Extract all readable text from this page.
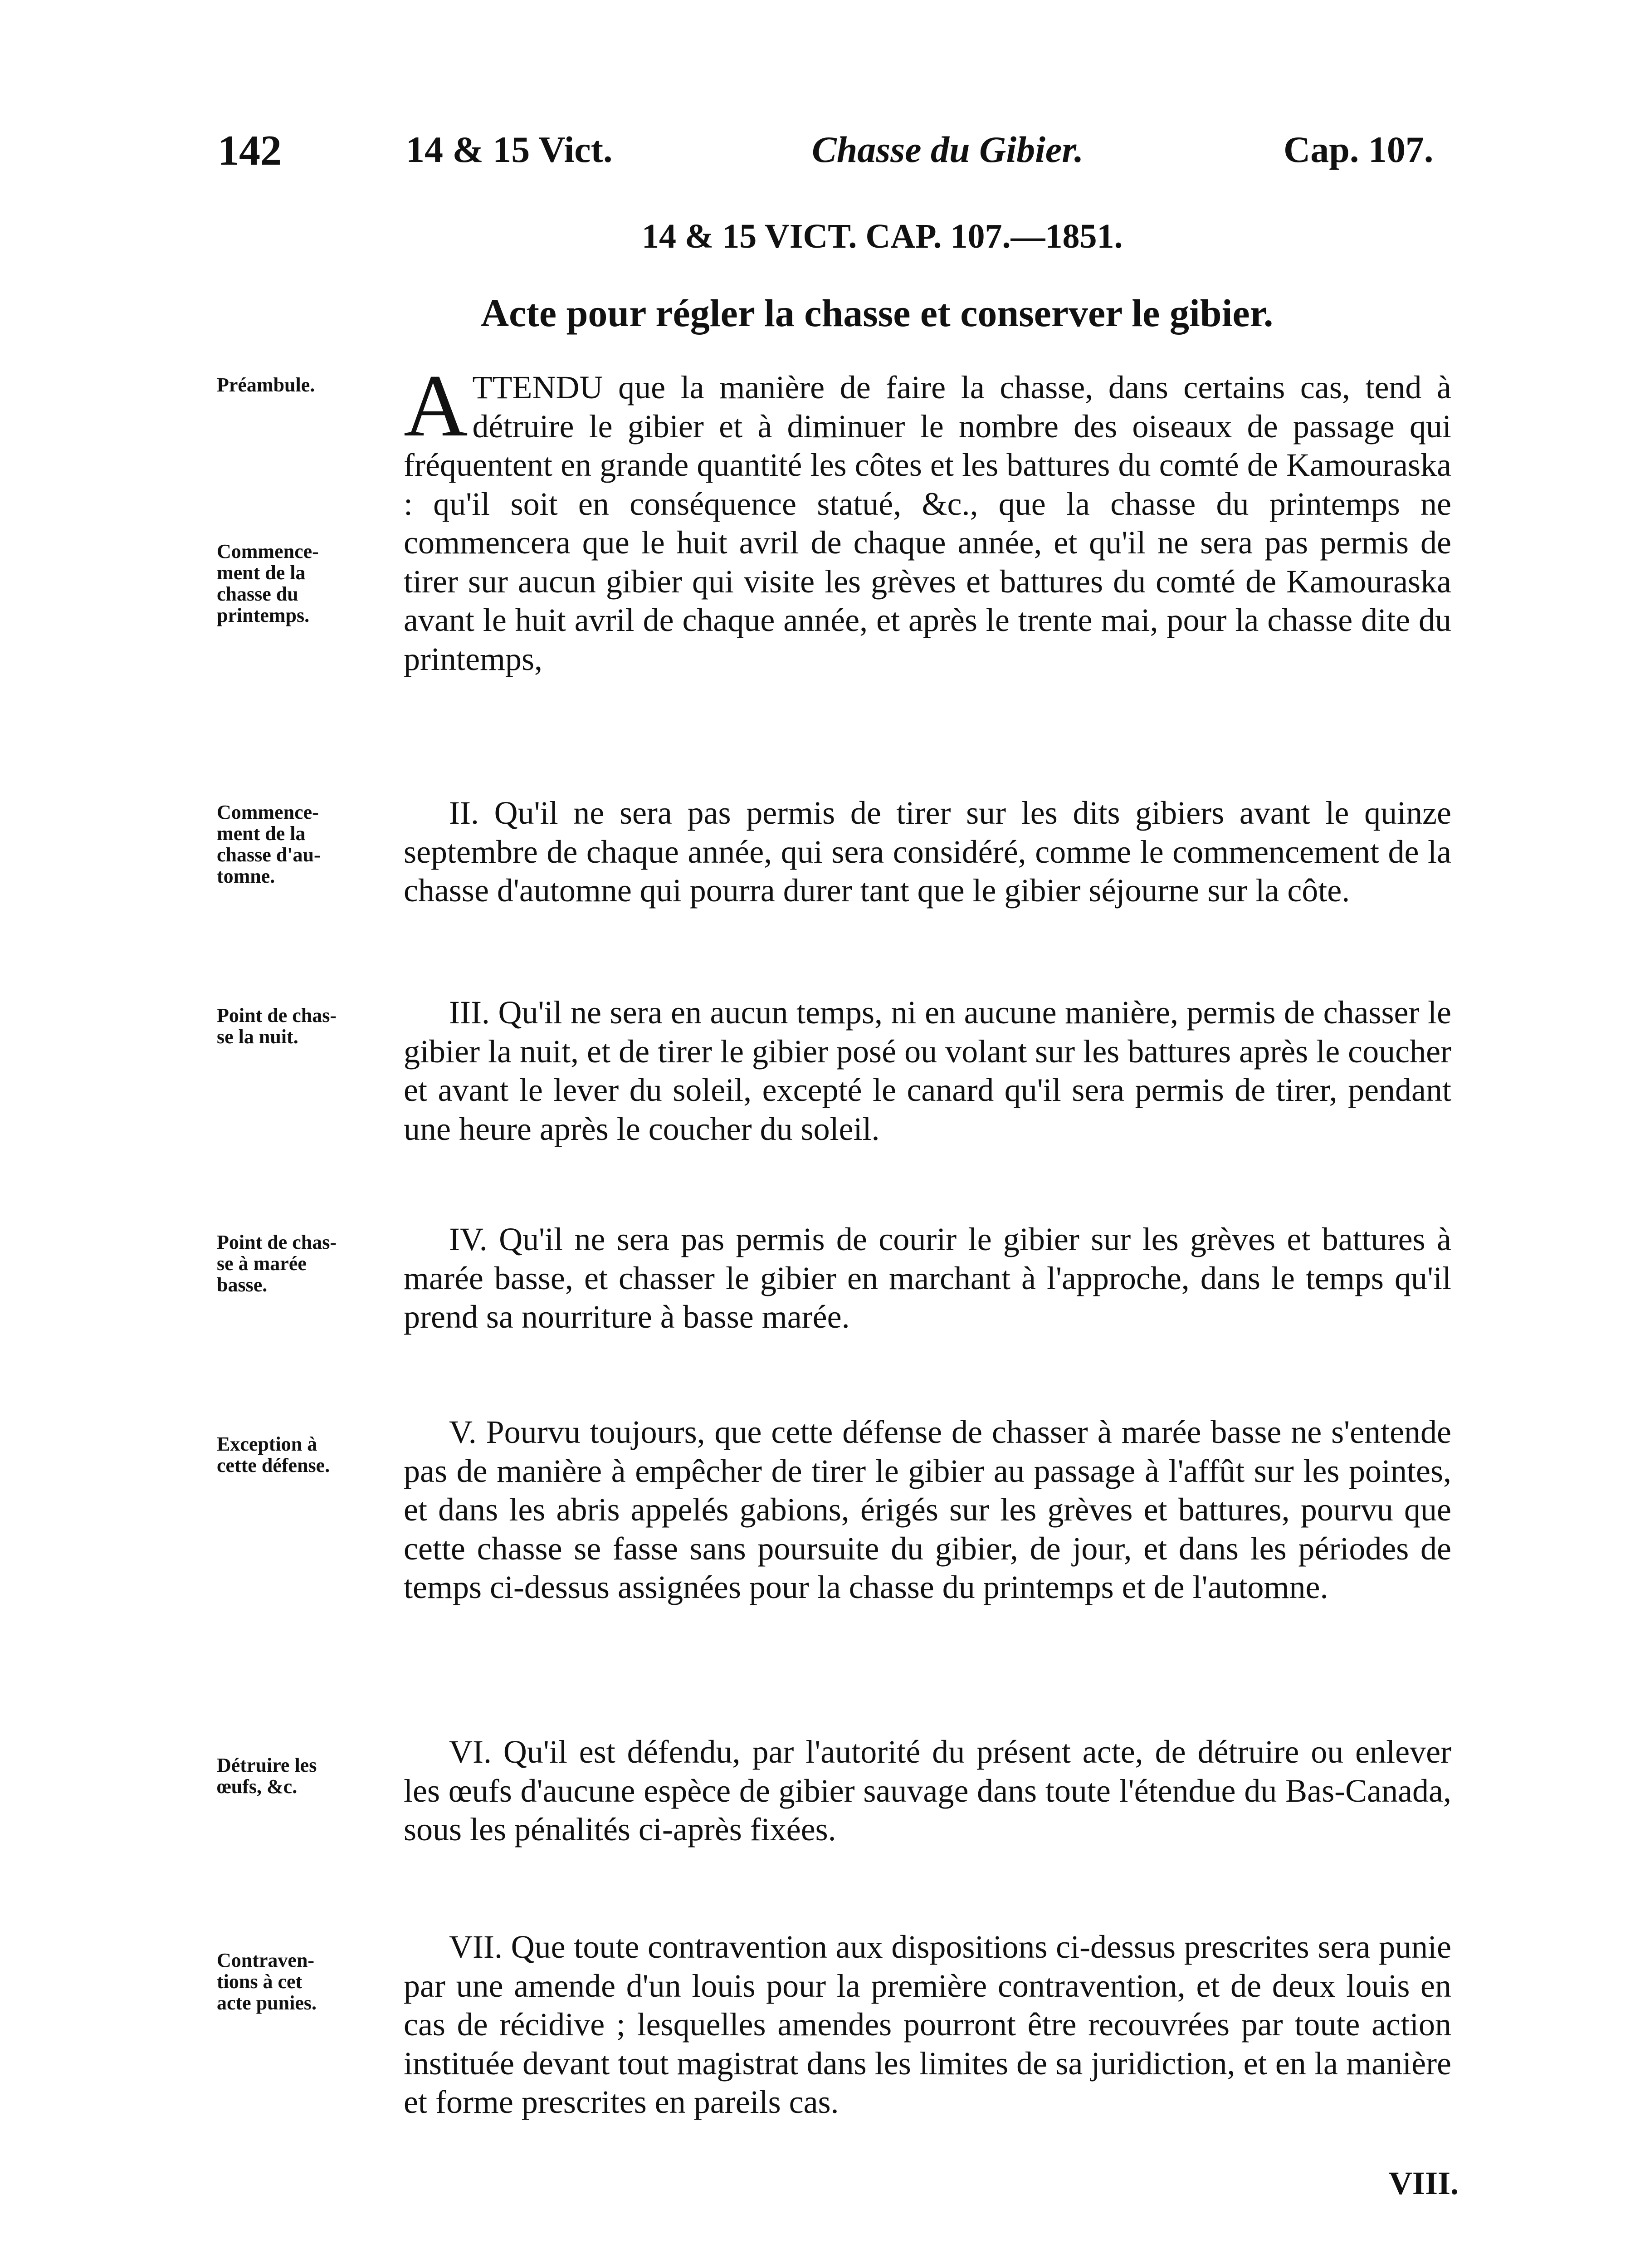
142	14 & 15 Vict.	Chasse du Gibier.	Cap. 107.
14 & 15 VICT. CAP. 107.—1851.
Acte pour régler la chasse et conserver le gibier.
Préambule.
Commence-
ment de la
chasse du
printemps.
Commence-
ment de la
chasse d'au-
tomne.
Point de chas-
se la nuit.
Point de chas-
se à marée
basse.
Exception à
cette défense.
Détruire les
œufs, &c.
Contraven-
tions à cet
acte punies.
ATTENDU que la manière de faire la chasse, dans certains cas, tend à détruire le gibier et à diminuer le nombre des oiseaux de passage qui fréquentent en grande quantité les côtes et les battures du comté de Kamouraska : qu'il soit en conséquence statué, &c., que la chasse du printemps ne commencera que le huit avril de chaque année, et qu'il ne sera pas permis de tirer sur aucun gibier qui visite les grèves et battures du comté de Kamouraska avant le huit avril de chaque année, et après le trente mai, pour la chasse dite du printemps,
II. Qu'il ne sera pas permis de tirer sur les dits gibiers avant le quinze septembre de chaque année, qui sera considéré, comme le commencement de la chasse d'automne qui pourra durer tant que le gibier séjourne sur la côte.
III. Qu'il ne sera en aucun temps, ni en aucune manière, permis de chasser le gibier la nuit, et de tirer le gibier posé ou volant sur les battures après le coucher et avant le lever du soleil, excepté le canard qu'il sera permis de tirer, pendant une heure après le coucher du soleil.
IV. Qu'il ne sera pas permis de courir le gibier sur les grèves et battures à marée basse, et chasser le gibier en marchant à l'approche, dans le temps qu'il prend sa nourriture à basse marée.
V. Pourvu toujours, que cette défense de chasser à marée basse ne s'entende pas de manière à empêcher de tirer le gibier au passage à l'affût sur les pointes, et dans les abris appelés gabions, érigés sur les grèves et battures, pourvu que cette chasse se fasse sans poursuite du gibier, de jour, et dans les périodes de temps ci-dessus assignées pour la chasse du printemps et de l'automne.
VI. Qu'il est défendu, par l'autorité du présent acte, de détruire ou enlever les œufs d'aucune espèce de gibier sauvage dans toute l'étendue du Bas-Canada, sous les pénalités ci-après fixées.
VII. Que toute contravention aux dispositions ci-dessus prescrites sera punie par une amende d'un louis pour la première contravention, et de deux louis en cas de récidive ; lesquelles amendes pourront être recouvrées par toute action instituée devant tout magistrat dans les limites de sa juridiction, et en la manière et forme prescrites en pareils cas.
VIII.
